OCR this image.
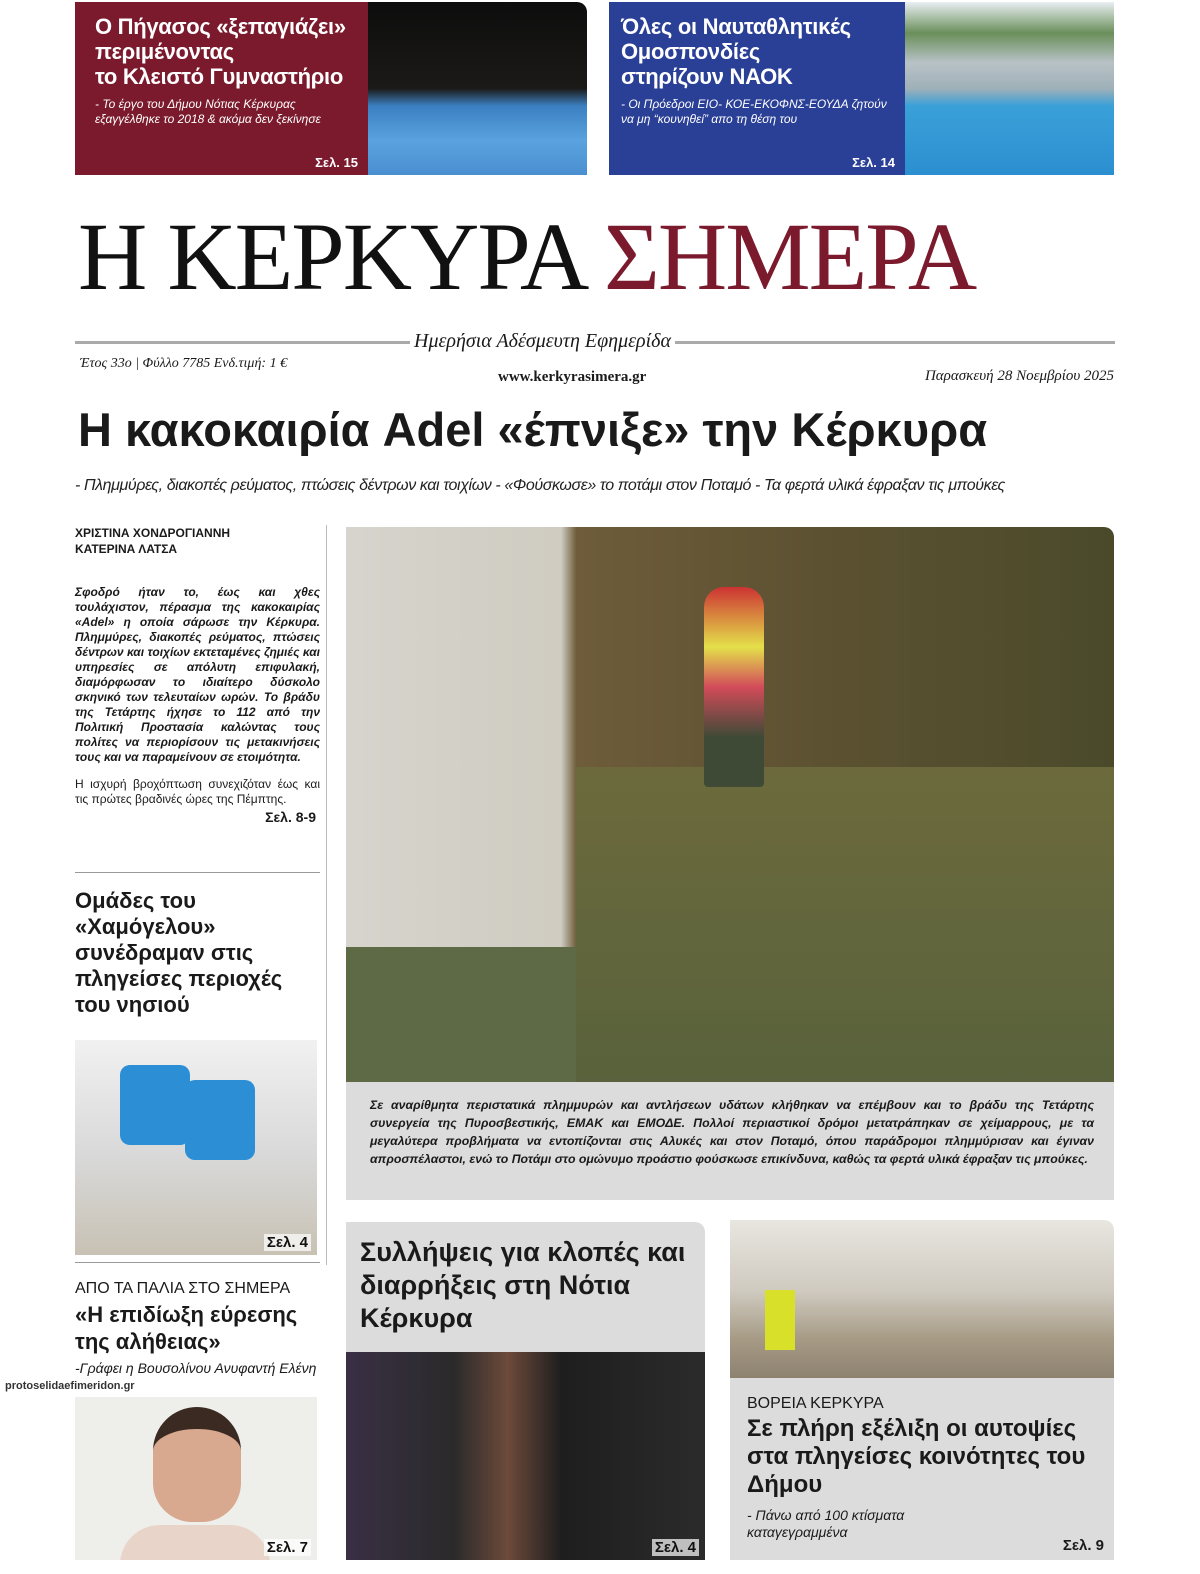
Ο Πήγασος «ξεπαγιάζει»
περιμένοντας
το Κλειστό Γυμναστήριο
- Το έργο του Δήμου Νότιας Κέρκυρας εξαγγέλθηκε το 2018 & ακόμα δεν ξεκίνησε
Σελ. 15
Όλες οι Ναυταθλητικές
Ομοσπονδίες
στηρίζουν ΝΑΟΚ
- Οι Πρόεδροι ΕΙΟ- ΚΟΕ-ΕΚΟΦΝΣ-ΕΟΥΔΑ ζητούν να μη “κουνηθεί” απο τη θέση του
Σελ. 14
Η ΚΕΡΚΥΡΑ ΣΗΜΕΡΑ
Ημερήσια Αδέσμευτη Εφημερίδα
Έτος 33ο | Φύλλο 7785 Ενδ.τιμή: 1 €
www.kerkyrasimera.gr	Παρασκευή 28 Νοεμβρίου 2025
Η κακοκαιρία Adel «έπνιξε» την Κέρκυρα
- Πλημμύρες, διακοπές ρεύματος, πτώσεις δέντρων και τοιχίων - «Φούσκωσε» το ποτάμι στον Ποταμό - Τα φερτά υλικά έφραξαν τις μπούκες
ΧΡΙΣΤΙΝΑ ΧΟΝΔΡΟΓΙΑΝΝΗ
ΚΑΤΕΡΙΝΑ ΛΑΤΣΑ
Σφοδρό ήταν το, έως και χθες τουλάχιστον, πέρασμα της κακοκαιρίας «Adel» η οποία σάρωσε την Κέρκυρα. Πλημμύρες, διακοπές ρεύματος, πτώσεις δέντρων και τοιχίων εκτεταμένες ζημιές και υπηρεσίες σε απόλυτη επιφυλακή, διαμόρφωσαν το ιδιαίτερο δύσκολο σκηνικό των τελευταίων ωρών. Το βράδυ της Τετάρτης ήχησε το 112 από την Πολιτική Προστασία καλώντας τους πολίτες να περιορίσουν τις μετακινήσεις τους και να παραμείνουν σε ετοιμότητα.
Η ισχυρή βροχόπτωση συνεχιζόταν έως και τις πρώτες βραδινές ώρες της Πέμπτης.
Σελ. 8-9
Σε αναρίθμητα περιστατικά πλημμυρών και αντλήσεων υδάτων κλήθηκαν να επέμβουν και το βράδυ της Τετάρτης συνεργεία της Πυροσβεστικής, ΕΜΑΚ και ΕΜΟΔΕ. Πολλοί περιαστικοί δρόμοι μετατράπηκαν σε χείμαρρους, με τα μεγαλύτερα προβλήματα να εντοπίζονται στις Αλυκές και στον Ποταμό, όπου παράδρομοι πλημμύρισαν και έγιναν απροσπέλαστοι, ενώ το Ποτάμι στο ομώνυμο προάστιο φούσκωσε επικίνδυνα, καθώς τα φερτά υλικά έφραξαν τις μπούκες.
Ομάδες του «Χαμόγελου» συνέδραμαν στις πληγείσες περιοχές του νησιού
Σελ. 4
ΑΠΟ ΤΑ ΠΑΛΙΑ ΣΤΟ ΣΗΜΕΡΑ
«Η επιδίωξη εύρεσης της αλήθειας»
-Γράφει η Βουσολίνου Ανυφαντή Ελένη
protoselidaefimeridon.gr
Σελ. 7
Συλλήψεις για κλοπές και διαρρήξεις στη Νότια Κέρκυρα
Σελ. 4
ΒΟΡΕΙΑ ΚΕΡΚΥΡΑ
Σε πλήρη εξέλιξη οι αυτοψίες στα πληγείσες κοινότητες του Δήμου
- Πάνω από 100 κτίσματα καταγεγραμμένα
Σελ. 9
